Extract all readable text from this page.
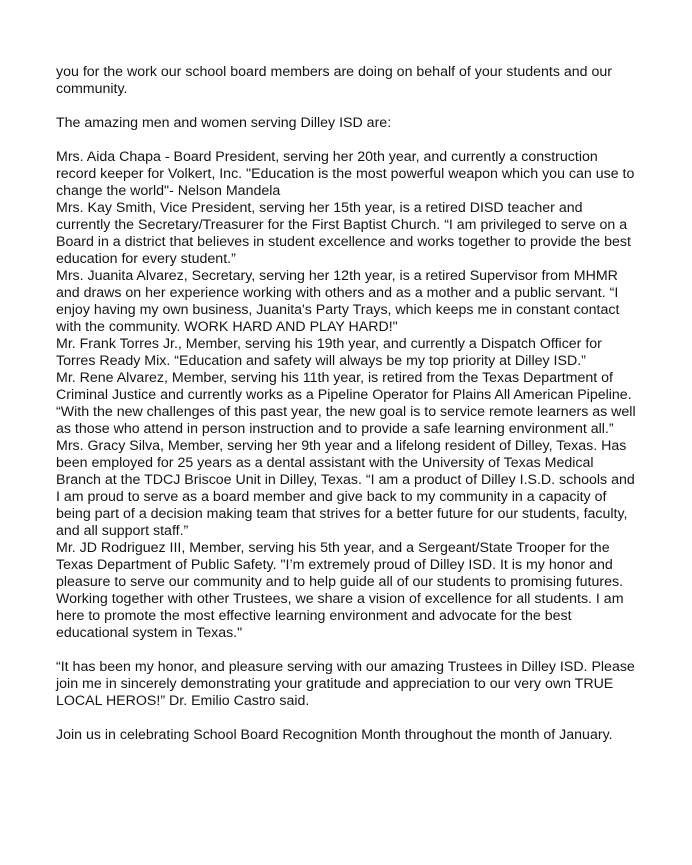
you for the work our school board members are doing on behalf of your students and our community.

The amazing men and women serving Dilley ISD are:

Mrs. Aida Chapa - Board President, serving her 20th year, and currently a construction record keeper for Volkert, Inc. "Education is the most powerful weapon which you can use to change the world"- Nelson Mandela

Mrs. Kay Smith, Vice President, serving her 15th year, is a retired DISD teacher and currently the Secretary/Treasurer for the First Baptist Church. “I am privileged to serve on a Board in a district that believes in student excellence and works together to provide the best education for every student.”

Mrs. Juanita Alvarez, Secretary, serving her 12th year, is a retired Supervisor from MHMR and draws on her experience working with others and as a mother and a public servant. “I enjoy having my own business, Juanita's Party Trays, which keeps me in constant contact with the community. WORK HARD AND PLAY HARD!"

Mr. Frank Torres Jr., Member, serving his 19th year, and currently a Dispatch Officer for Torres Ready Mix. “Education and safety will always be my top priority at Dilley ISD.”

Mr. Rene Alvarez, Member, serving his 11th year, is retired from the Texas Department of Criminal Justice and currently works as a Pipeline Operator for Plains All American Pipeline. “With the new challenges of this past year, the new goal is to service remote learners as well as those who attend in person instruction and to provide a safe learning environment all.”

Mrs. Gracy Silva, Member, serving her 9th year and a lifelong resident of Dilley, Texas. Has been employed for 25 years as a dental assistant with the University of Texas Medical Branch at the TDCJ Briscoe Unit in Dilley, Texas. “I am a product of Dilley I.S.D. schools and I am proud to serve as a board member and give back to my community in a capacity of being part of a decision making team that strives for a better future for our students, faculty, and all support staff.”

Mr. JD Rodriguez III, Member, serving his 5th year, and a Sergeant/State Trooper for the Texas Department of Public Safety. "I’m extremely proud of Dilley ISD. It is my honor and pleasure to serve our community and to help guide all of our students to promising futures. Working together with other Trustees, we share a vision of excellence for all students. I am here to promote the most effective learning environment and advocate for the best educational system in Texas."

“It has been my honor, and pleasure serving with our amazing Trustees in Dilley ISD. Please join me in sincerely demonstrating your gratitude and appreciation to our very own TRUE LOCAL HEROS!” Dr. Emilio Castro said.

Join us in celebrating School Board Recognition Month throughout the month of January.
